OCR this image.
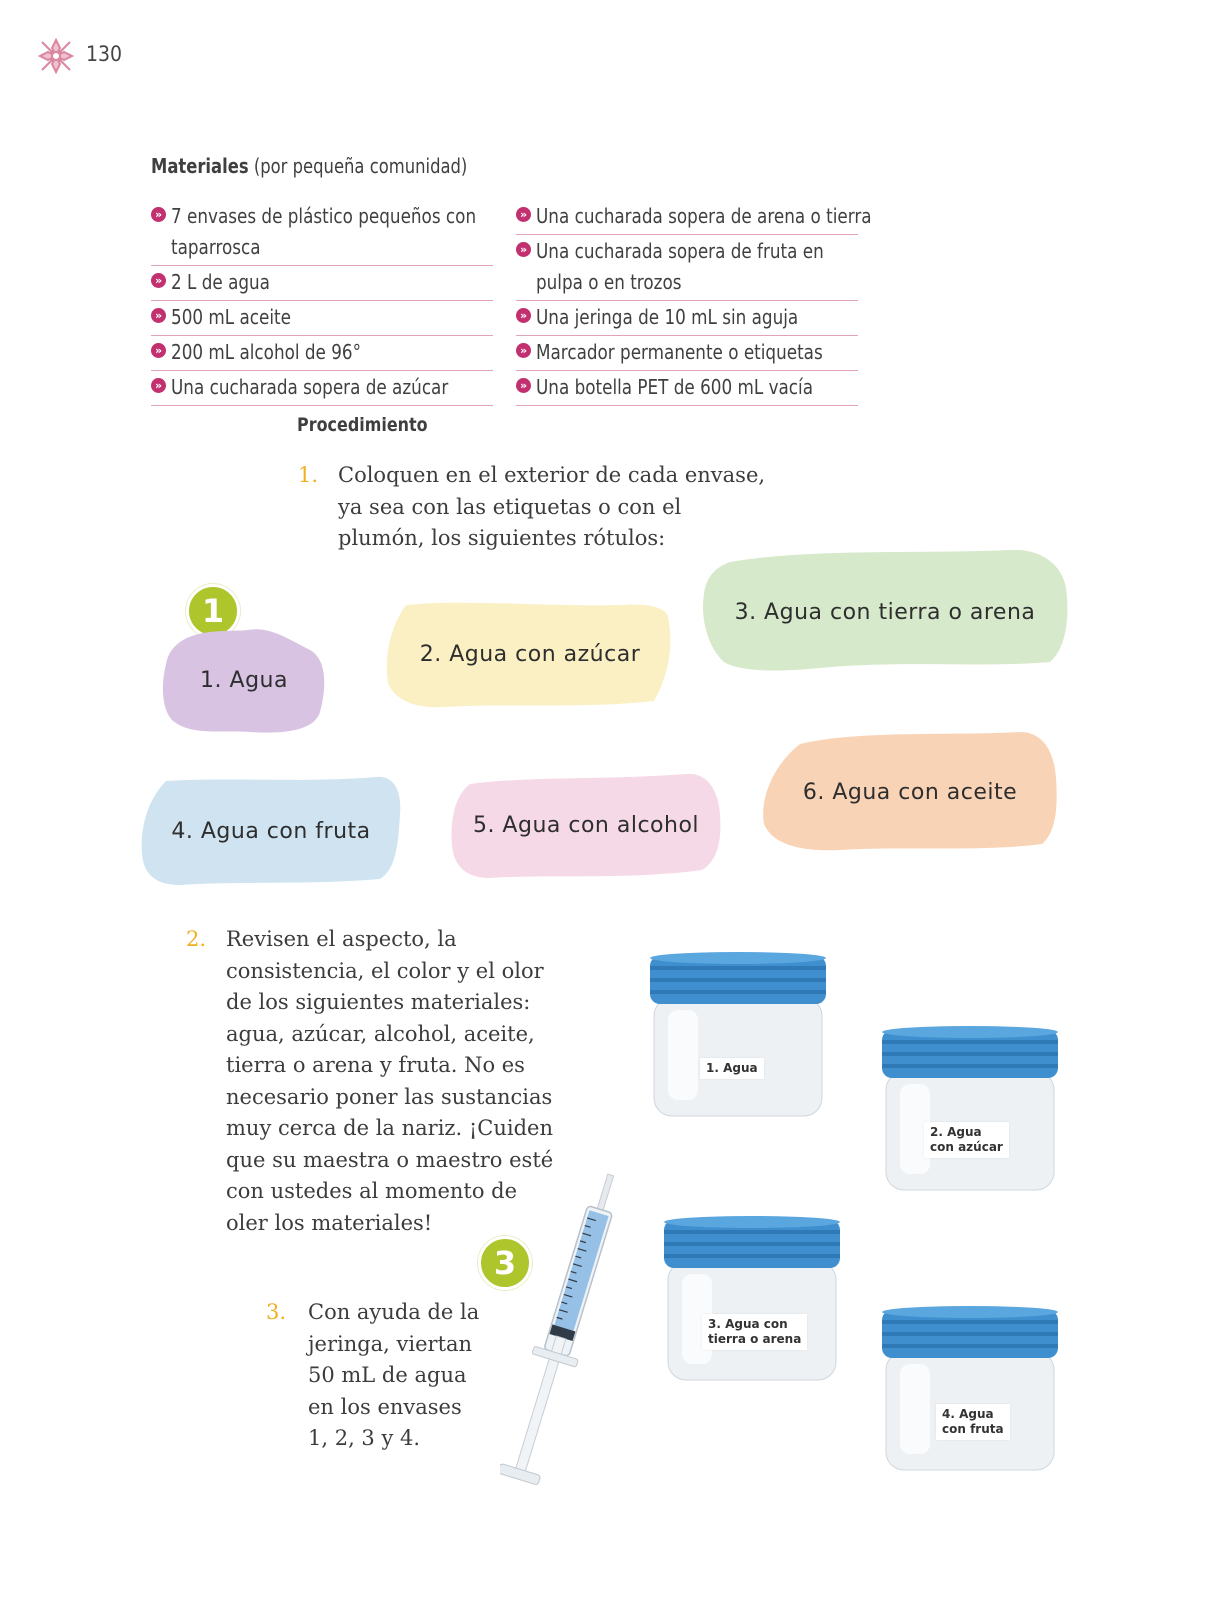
130
Materiales (por pequeña comunidad)
» 7 envases de plástico pequeños con
taparrosca
» 2 L de agua
» 500 mL aceite
» 200 mL alcohol de 96°
» Una cucharada sopera de azúcar
» Una cucharada sopera de arena o tierra
» Una cucharada sopera de fruta en
pulpa o en trozos
» Una jeringa de 10 mL sin aguja
» Marcador permanente o etiquetas
» Una botella PET de 600 mL vacía
Procedimiento
1. Coloquen en el exterior de cada envase,
ya sea con las etiquetas o con el
plumón, los siguientes rótulos:
1
1. Agua
2. Agua con azúcar
3. Agua con tierra o arena
4. Agua con fruta	5. Agua con alcohol
6. Agua con aceite
2. Revisen el aspecto, la
consistencia, el color y el olor
de los siguientes materiales:
agua, azúcar, alcohol, aceite,
tierra o arena y fruta. No es
necesario poner las sustancias
muy cerca de la nariz. ¡Cuiden
que su maestra o maestro esté
con ustedes al momento de
oler los materiales!
3
3. Con ayuda de la
jeringa, viertan
50 mL de agua
en los envases
1, 2, 3 y 4.
1. Agua
2. Agua
con azúcar
3. Agua con
tierra o arena
4. Agua
con fruta
